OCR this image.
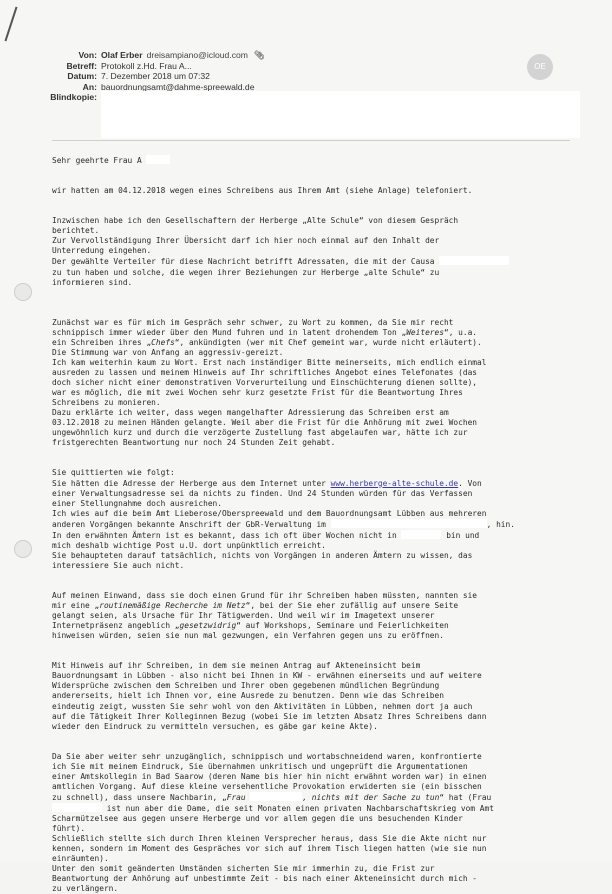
OE
Von: Olaf Erber dreisampiano@icloud.com 📎︎
Betreff: Protokoll z.Hd. Frau A...
Datum: 7. Dezember 2018 um 07:32
An: bauordnungsamt@dahme-spreewald.de
Blindkopie:

Sehr geehrte Frau A

wir hatten am 04.12.2018 wegen eines Schreibens aus Ihrem Amt (siehe Anlage) telefoniert.

Inzwischen habe ich den Gesellschaftern der Herberge „Alte Schule“ von diesem Gespräch

berichtet.

Zur Vervollständigung Ihrer Übersicht darf ich hier noch einmal auf den Inhalt der

Unterredung eingehen.

Der gewählte Verteiler für diese Nachricht betrifft Adressaten, die mit der Causa

zu tun haben und solche, die wegen ihrer Beziehungen zur Herberge „alte Schule“ zu

informieren sind.

Zunächst war es für mich im Gespräch sehr schwer, zu Wort zu kommen, da Sie mir recht

schnippisch immer wieder über den Mund fuhren und in latent drohendem Ton „Weiteres“, u.a.

ein Schreiben ihres „Chefs“, ankündigten (wer mit Chef gemeint war, wurde nicht erläutert).

Die Stimmung war von Anfang an aggressiv-gereizt.

Ich kam weiterhin kaum zu Wort. Erst nach inständiger Bitte meinerseits, mich endlich einmal

ausreden zu lassen und meinem Hinweis auf Ihr schriftliches Angebot eines Telefonates (das

doch sicher nicht einer demonstrativen Vorverurteilung und Einschüchterung dienen sollte),

war es möglich, die mit zwei Wochen sehr kurz gesetzte Frist für die Beantwortung Ihres

Schreibens zu monieren.

Dazu erklärte ich weiter, dass wegen mangelhafter Adressierung das Schreiben erst am

03.12.2018 zu meinen Händen gelangte. Weil aber die Frist für die Anhörung mit zwei Wochen

ungewöhnlich kurz und durch die verzögerte Zustellung fast abgelaufen war, hätte ich zur

fristgerechten Beantwortung nur noch 24 Stunden Zeit gehabt.

Sie quittierten wie folgt:

Sie hätten die Adresse der Herberge aus dem Internet unter www.herberge-alte-schule.de. Von

einer Verwaltungsadresse sei da nichts zu finden. Und 24 Stunden würden für das Verfassen

einer Stellungnahme doch ausreichen.

Ich wies auf die beim Amt Lieberose/Oberspreewald und dem Bauordnungsamt Lübben aus mehreren

anderen Vorgängen bekannte Anschrift der GbR-Verwaltung im	, hin.

In den erwähnten Ämtern ist es bekannt, dass ich oft über Wochen nicht in	bin und

mich deshalb wichtige Post u.U. dort unpünktlich erreicht.

Sie behaupteten darauf tatsächlich, nichts von Vorgängen in anderen Ämtern zu wissen, das

interessiere Sie auch nicht.

Auf meinen Einwand, dass sie doch einen Grund für ihr Schreiben haben müssten, nannten sie

mir eine „routinemäßige Recherche im Netz“, bei der Sie eher zufällig auf unsere Seite

gelangt seien, als Ursache für Ihr Tätigwerden. Und weil wir im Imagetext unserer

Internetpräsenz angeblich „gesetzwidrig“ auf Workshops, Seminare und Feierlichkeiten

hinweisen würden, seien sie nun mal gezwungen, ein Verfahren gegen uns zu eröffnen.

Mit Hinweis auf ihr Schreiben, in dem sie meinen Antrag auf Akteneinsicht beim

Bauordnungsamt in Lübben - also nicht bei Ihnen in KW - erwähnen einerseits und auf weitere

Widersprüche zwischen dem Schreiben und Ihrer oben gegebenen mündlichen Begründung

andererseits, hielt ich Ihnen vor, eine Ausrede zu benutzen. Denn wie das Schreiben

eindeutig zeigt, wussten Sie sehr wohl von den Aktivitäten in Lübben, nehmen dort ja auch

auf die Tätigkeit Ihrer Kolleginnen Bezug (wobei Sie im letzten Absatz Ihres Schreibens dann

wieder den Eindruck zu vermitteln versuchen, es gäbe gar keine Akte).

Da Sie aber weiter sehr unzugänglich, schnippisch und wortabschneidend waren, konfrontierte

ich Sie mit meinem Eindruck, Sie übernahmen unkritisch und ungeprüft die Argumentationen

einer Amtskollegin in Bad Saarow (deren Name bis hier hin nicht erwähnt worden war) in einen

amtlichen Vorgang. Auf diese kleine versehentliche Provokation erwiderten sie (ein bisschen

zu schnell), dass unsere Nachbarin, „Frau	, nichts mit der Sache zu tun“ hat (Frau

ist nun aber die Dame, die seit Monaten einen privaten Nachbarschaftskrieg vom Amt

Scharmützelsee aus gegen unsere Herberge und vor allem gegen die uns besuchenden Kinder

führt).

Schließlich stellte sich durch Ihren kleinen Versprecher heraus, dass Sie die Akte nicht nur

kennen, sondern im Moment des Gespräches vor sich auf ihrem Tisch liegen hatten (wie sie nun

einräumten).

Unter den somit geänderten Umständen sicherten Sie mir immerhin zu, die Frist zur

Beantwortung der Anhörung auf unbestimmte Zeit - bis nach einer Akteneinsicht durch mich -

zu verlängern.
